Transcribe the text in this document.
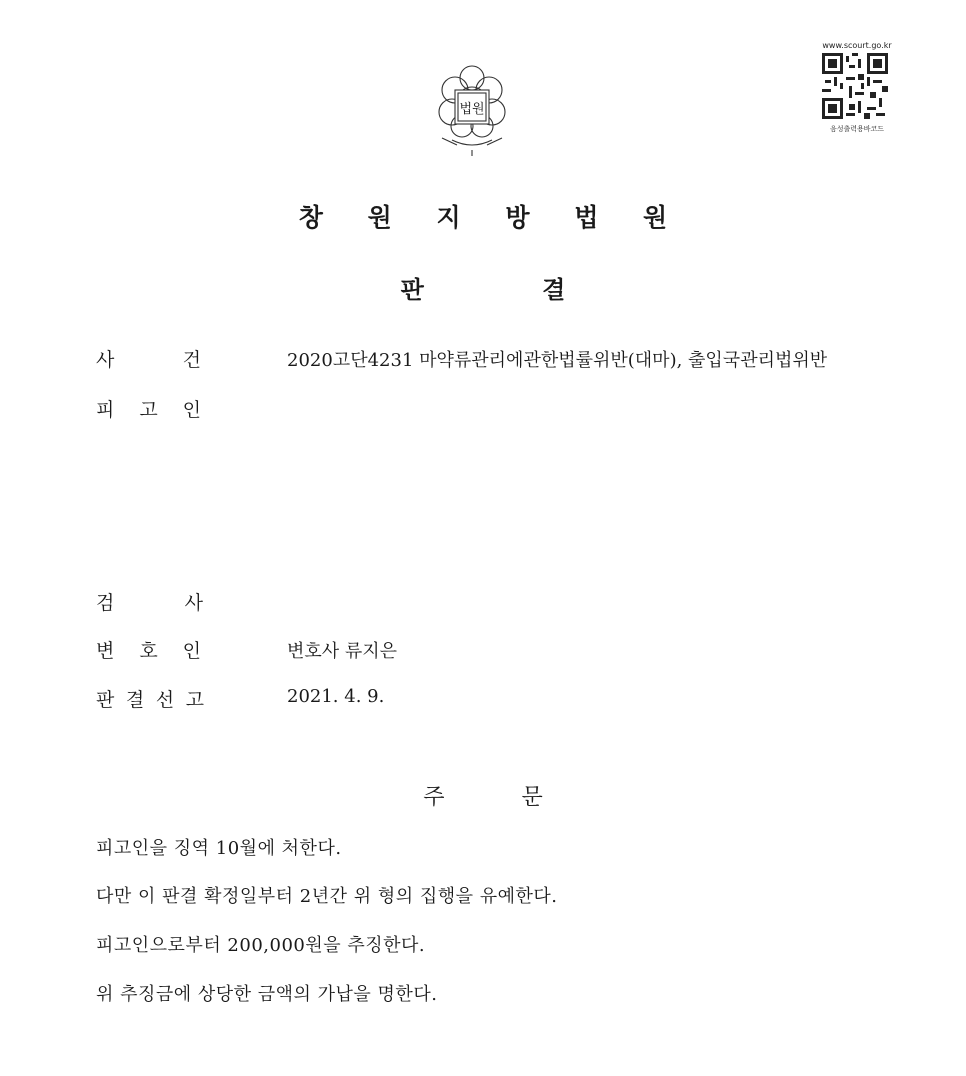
법원
www.scourt.go.kr
음성출력용바코드
창 원 지 방 법 원
판 결
사	건	2020고단4231 마약류관리에관한법률위반(대마), 출입국관리법위반
피 고 인
검	사
변 호 인	변호사 류지은
판 결 선 고	2021. 4. 9.
주 문
피고인을 징역 10월에 처한다.
다만 이 판결 확정일부터 2년간 위 형의 집행을 유예한다.
피고인으로부터 200,000원을 추징한다.
위 추징금에 상당한 금액의 가납을 명한다.
